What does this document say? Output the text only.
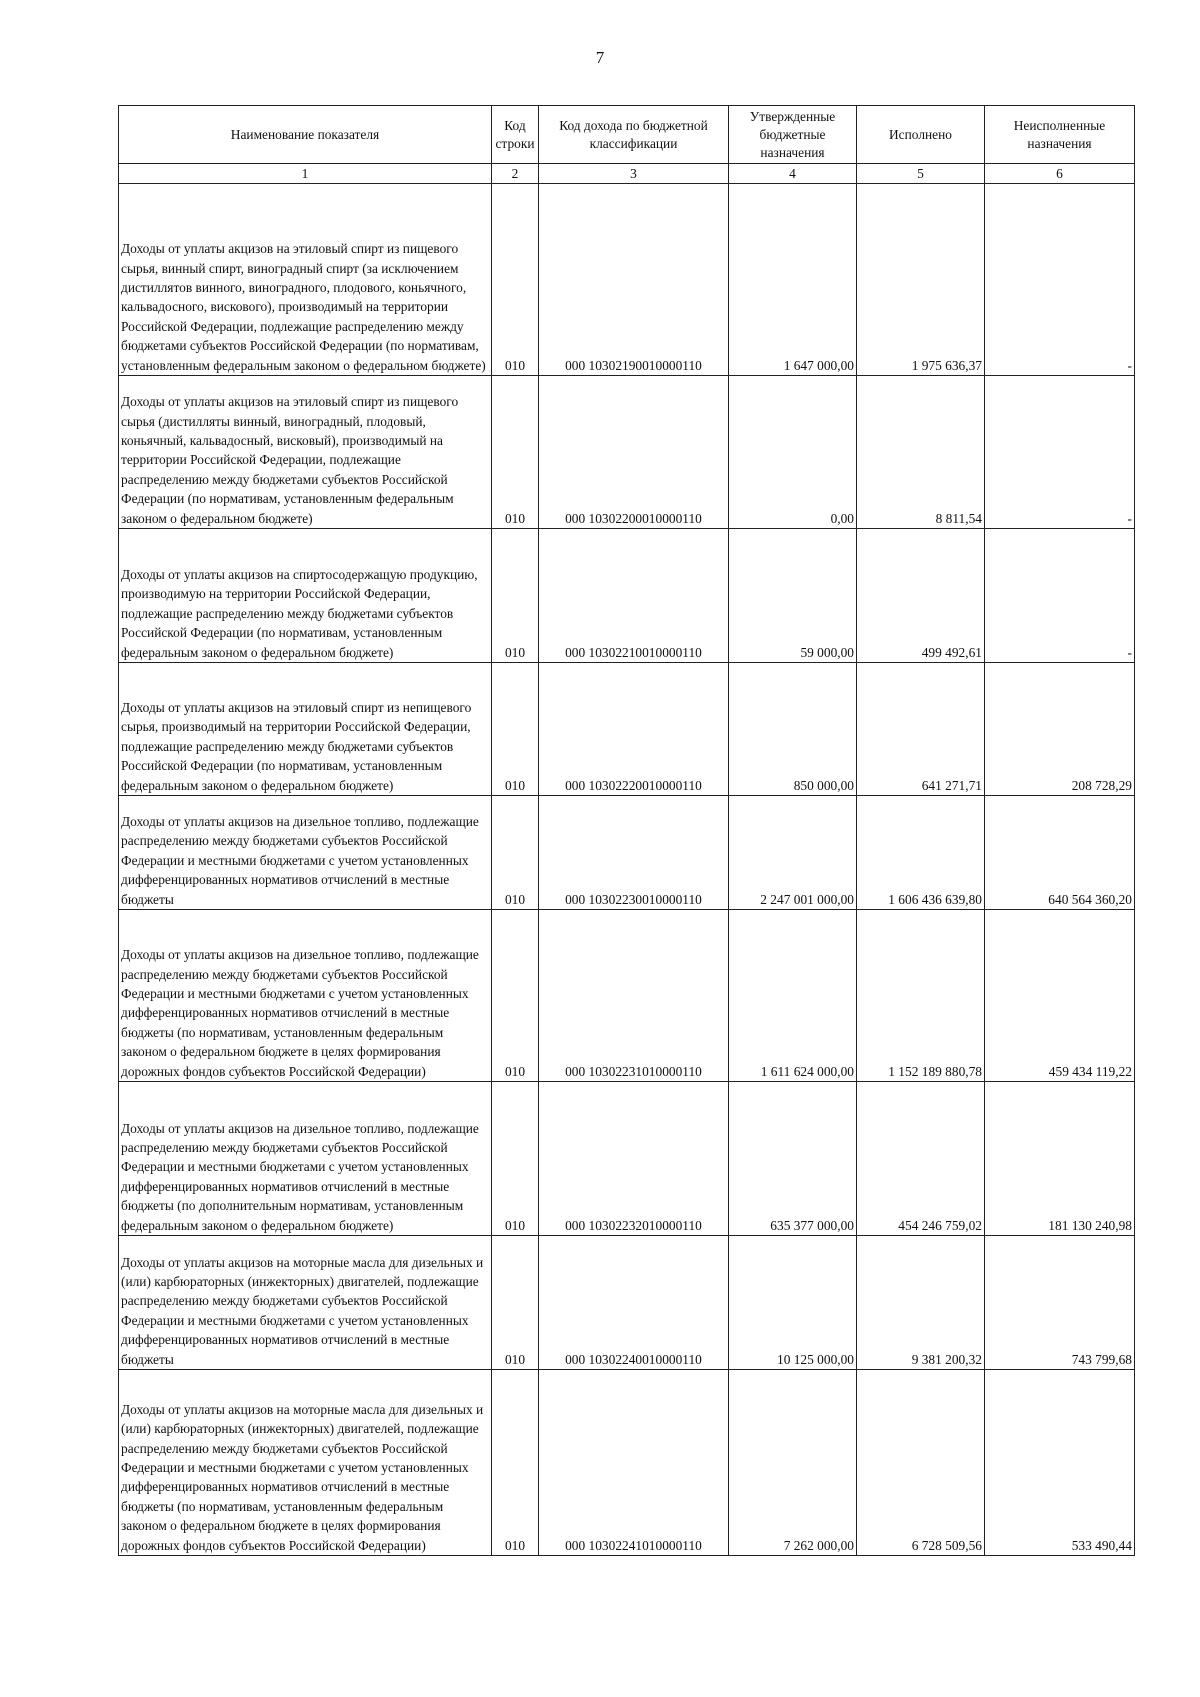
7
Наименование показателя	Код строки	Код дохода по бюджетной классификации	Утвержденные бюджетные назначения	Исполнено	Неисполненные назначения
1	2	3	4	5	6
Доходы от уплаты акцизов на этиловый спирт из пищевого сырья, винный спирт, виноградный спирт (за исключением дистиллятов винного, виноградного, плодового, коньячного, кальвадосного, вискового), производимый на территории Российской Федерации, подлежащие распределению между бюджетами субъектов Российской Федерации (по нормативам, установленным федеральным законом о федеральном бюджете)	010	000 10302190010000110	1 647 000,00	1 975 636,37	-
Доходы от уплаты акцизов на этиловый спирт из пищевого сырья (дистилляты винный, виноградный, плодовый, коньячный, кальвадосный, висковый), производимый на территории Российской Федерации, подлежащие распределению между бюджетами субъектов Российской Федерации (по нормативам, установленным федеральным законом о федеральном бюджете)	010	000 10302200010000110	0,00	8 811,54	-
Доходы от уплаты акцизов на спиртосодержащую продукцию, производимую на территории Российской Федерации, подлежащие распределению между бюджетами субъектов Российской Федерации (по нормативам, установленным федеральным законом о федеральном бюджете)	010	000 10302210010000110	59 000,00	499 492,61	-
Доходы от уплаты акцизов на этиловый спирт из непищевого сырья, производимый на территории Российской Федерации, подлежащие распределению между бюджетами субъектов Российской Федерации (по нормативам, установленным федеральным законом о федеральном бюджете)	010	000 10302220010000110	850 000,00	641 271,71	208 728,29
Доходы от уплаты акцизов на дизельное топливо, подлежащие распределению между бюджетами субъектов Российской Федерации и местными бюджетами с учетом установленных дифференцированных нормативов отчислений в местные бюджеты	010	000 10302230010000110	2 247 001 000,00	1 606 436 639,80	640 564 360,20
Доходы от уплаты акцизов на дизельное топливо, подлежащие распределению между бюджетами субъектов Российской Федерации и местными бюджетами с учетом установленных дифференцированных нормативов отчислений в местные бюджеты (по нормативам, установленным федеральным законом о федеральном бюджете в целях формирования дорожных фондов субъектов Российской Федерации)	010	000 10302231010000110	1 611 624 000,00	1 152 189 880,78	459 434 119,22
Доходы от уплаты акцизов на дизельное топливо, подлежащие распределению между бюджетами субъектов Российской Федерации и местными бюджетами с учетом установленных дифференцированных нормативов отчислений в местные бюджеты (по дополнительным нормативам, установленным федеральным законом о федеральном бюджете)	010	000 10302232010000110	635 377 000,00	454 246 759,02	181 130 240,98
Доходы от уплаты акцизов на моторные масла для дизельных и (или) карбюраторных (инжекторных) двигателей, подлежащие распределению между бюджетами субъектов Российской Федерации и местными бюджетами с учетом установленных дифференцированных нормативов отчислений в местные бюджеты	010	000 10302240010000110	10 125 000,00	9 381 200,32	743 799,68
Доходы от уплаты акцизов на моторные масла для дизельных и (или) карбюраторных (инжекторных) двигателей, подлежащие распределению между бюджетами субъектов Российской Федерации и местными бюджетами с учетом установленных дифференцированных нормативов отчислений в местные бюджеты (по нормативам, установленным федеральным законом о федеральном бюджете в целях формирования дорожных фондов субъектов Российской Федерации)	010	000 10302241010000110	7 262 000,00	6 728 509,56	533 490,44
